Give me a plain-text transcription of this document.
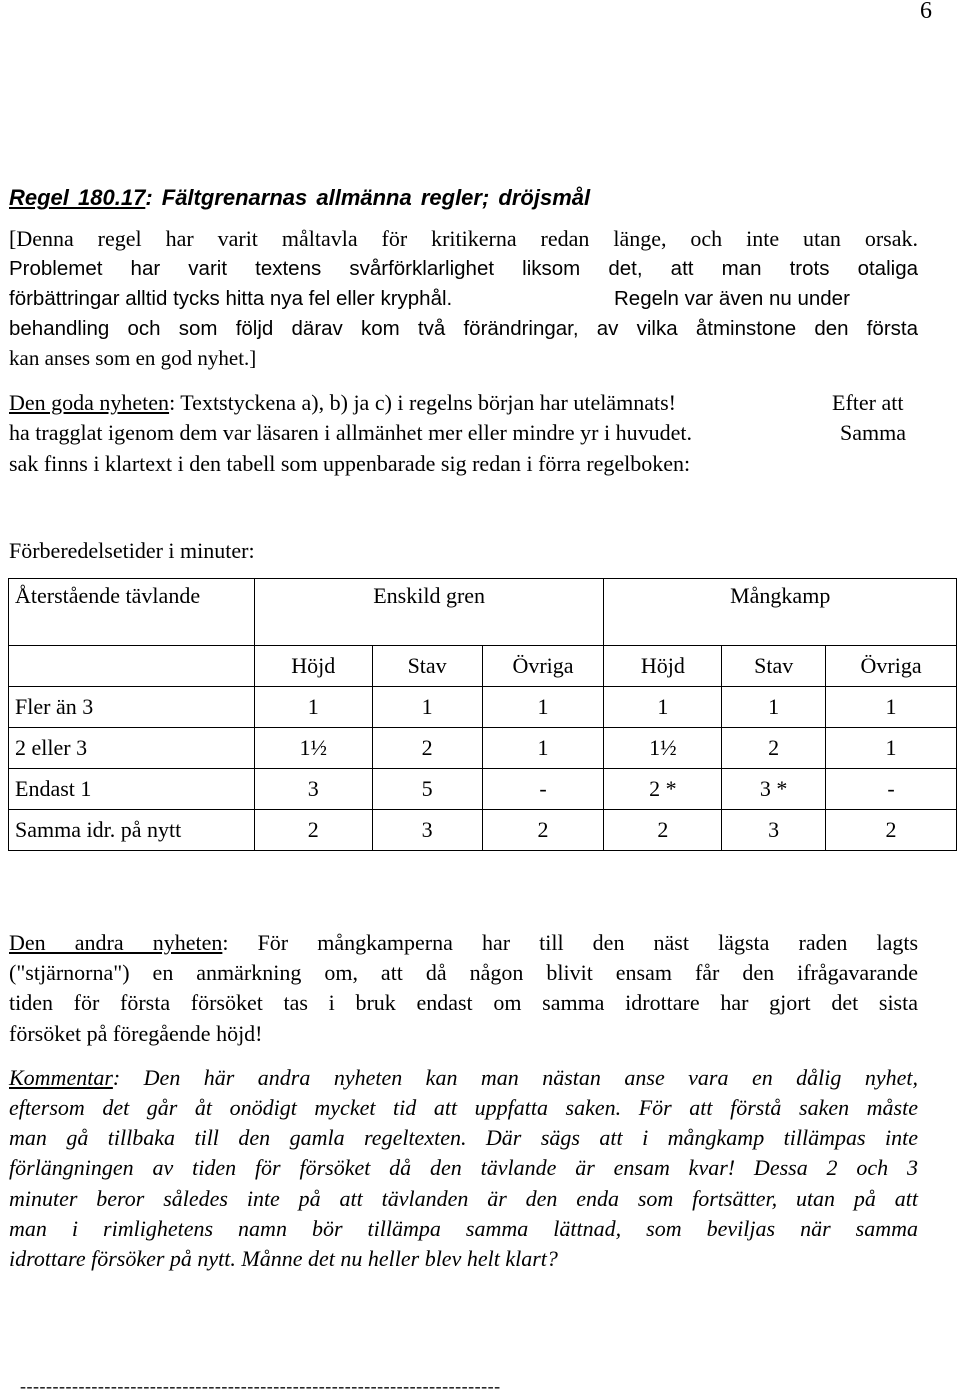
6
Regel 180.17: Fältgrenarnas allmänna regler; dröjsmål
[Denna regel har varit måltavla för kritikerna redan länge, och inte utan orsak.
Problemet har varit textens svårförklarlighet liksom det, att man trots otaliga
förbättringar alltid tycks hitta nya fel eller kryphål.	Regeln var även nu under
behandling och som följd därav kom två förändringar, av vilka åtminstone den första
kan anses som en god nyhet.]
Den goda nyheten: Textstyckena a), b) ja c) i regelns början har utelämnats!	Efter att
ha tragglat igenom dem var läsaren i allmänhet mer eller mindre yr i huvudet.	Samma
sak finns i klartext i den tabell som uppenbarade sig redan i förra regelboken:
Förberedelsetider i minuter:
Återstående tävlande	Enskild gren			Mångkamp		
	Höjd	Stav	Övriga	Höjd	Stav	Övriga
Fler än 3	1	1	1	1	1	1
2 eller 3	1½	2	1	1½	2	1
Endast 1	3	5	-	2 *	3 *	-
Samma idr. på nytt	2	3	2	2	3	2
Den andra nyheten: För mångkamperna har till den näst lägsta raden lagts
("stjärnorna") en anmärkning om, att då någon blivit ensam får den ifrågavarande
tiden för första försöket tas i bruk endast om samma idrottare har gjort det sista
försöket på föregående höjd!
Kommentar: Den här andra nyheten kan man nästan anse vara en dålig nyhet,
eftersom det går åt onödigt mycket tid att uppfatta saken. För att förstå saken måste
man gå tillbaka till den gamla regeltexten. Där sägs att i mångkamp tillämpas inte
förlängningen av tiden för försöket då den tävlande är ensam kvar! Dessa 2 och 3
minuter beror således inte på att tävlanden är den enda som fortsätter, utan på att
man i rimlighetens namn bör tillämpa samma lättnad, som beviljas när samma
idrottare försöker på nytt. Månne det nu heller blev helt klart?
--------------------------------------------------------------------------
